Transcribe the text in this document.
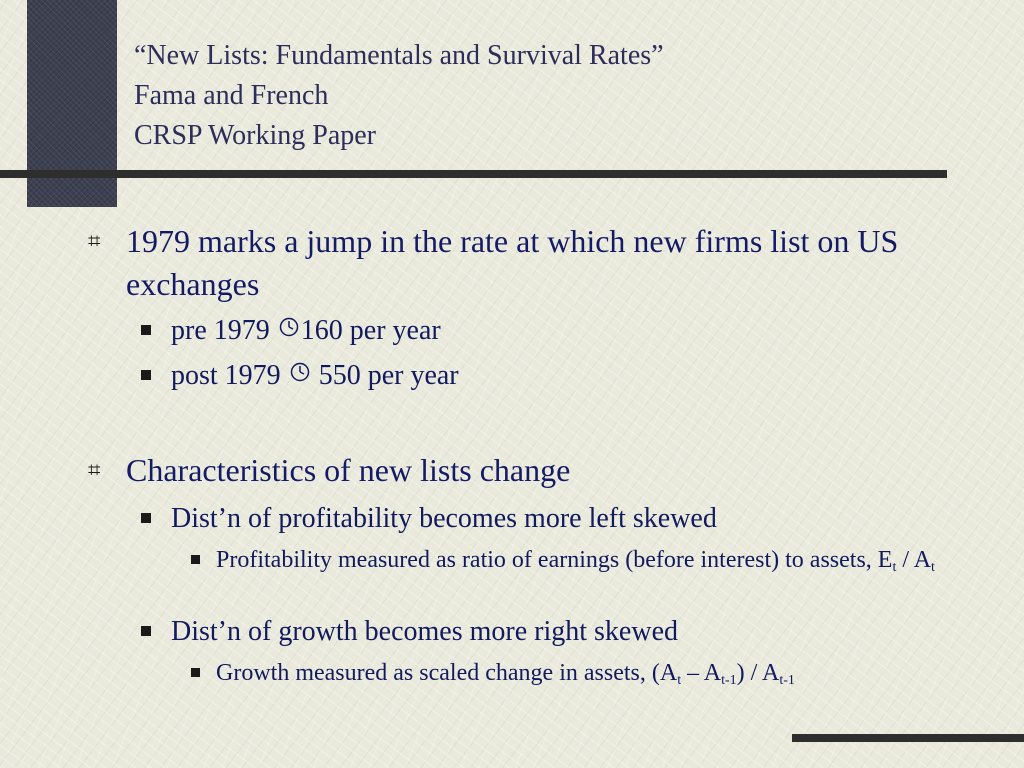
“New Lists: Fundamentals and Survival Rates”
Fama and French
CRSP Working Paper
⌗ 1979 marks a jump in the rate at which new firms list on US exchanges
pre 1979 160 per year
post 1979  550 per year
⌗ Characteristics of new lists change
Dist’n of profitability becomes more left skewed
Profitability measured as ratio of earnings (before interest) to assets, $E_t / A_t$
Dist’n of growth becomes more right skewed
Growth measured as scaled change in assets, $(A_t - A_{t-1}) / A_{t-1}$
